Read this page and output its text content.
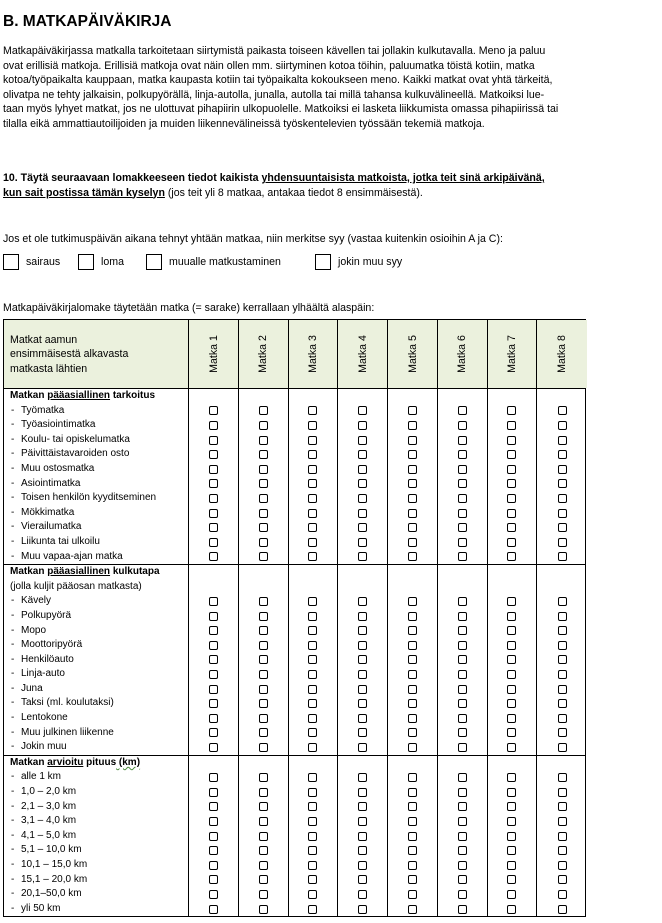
B. MATKAPÄIVÄKIRJA
Matkapäiväkirjassa matkalla tarkoitetaan siirtymistä paikasta toiseen kävellen tai jollakin kulkutavalla. Meno ja paluu
ovat erillisiä matkoja. Erillisiä matkoja ovat näin ollen mm. siirtyminen kotoa töihin, paluumatka töistä kotiin, matka
kotoa/työpaikalta kauppaan, matka kaupasta kotiin tai työpaikalta kokoukseen meno. Kaikki matkat ovat yhtä tärkeitä,
olivatpa ne tehty jalkaisin, polkupyörällä, linja-autolla, junalla, autolla tai millä tahansa kulkuvälineellä. Matkoiksi lue-
taan myös lyhyet matkat, jos ne ulottuvat pihapiirin ulkopuolelle. Matkoiksi ei lasketa liikkumista omassa pihapiirissä tai
tilalla eikä ammattiautoilijoiden ja muiden liikennevälineissä työskentelevien työssään tekemiä matkoja.
10. Täytä seuraavaan lomakkeeseen tiedot kaikista yhdensuuntaisista matkoista, jotka teit sinä arkipäivänä,
kun sait postissa tämän kyselyn (jos teit yli 8 matkaa, antakaa tiedot 8 ensimmäisestä).
Jos et ole tutkimuspäivän aikana tehnyt yhtään matkaa, niin merkitse syy (vastaa kuitenkin osioihin A ja C):
sairaus	loma	muualle matkustaminen	jokin muu syy
Matkapäiväkirjalomake täytetään matka (= sarake) kerrallaan ylhäältä alaspäin:
Matkat aamun
ensimmäisestä alkavasta
matkasta lähtien	Matka 1	Matka 2	Matka 3	Matka 4	Matka 5	Matka 6	Matka 7	Matka 8
Matkan pääasiallinen tarkoitus
- Työmatka
- Työasiointimatka
- Koulu- tai opiskelumatka
- Päivittäistavaroiden osto
- Muu ostosmatka
- Asiointimatka
- Toisen henkilön kyyditseminen
- Mökkimatka
- Vierailumatka
- Liikunta tai ulkoilu
- Muu vapaa-ajan matka
Matkan pääasiallinen kulkutapa
(jolla kuljit pääosan matkasta)
- Kävely
- Polkupyörä
- Mopo
- Moottoripyörä
- Henkilöauto
- Linja-auto
- Juna
- Taksi (ml. koulutaksi)
- Lentokone
- Muu julkinen liikenne
- Jokin muu
Matkan arvioitu pituus (km)
- alle 1 km
- 1,0 – 2,0 km
- 2,1 – 3,0 km
- 3,1 – 4,0 km
- 4,1 – 5,0 km
- 5,1 – 10,0 km
- 10,1 – 15,0 km
- 15,1 – 20,0 km
- 20,1–50,0 km
- yli 50 km
